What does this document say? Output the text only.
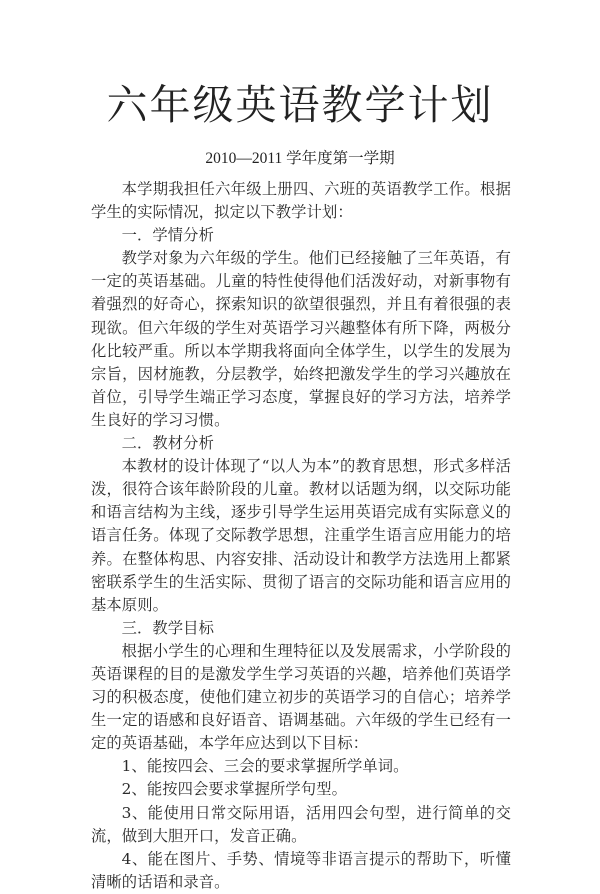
六年级英语教学计划
2010—2011 学年度第一学期

本学期我担任六年级上册四、六班的英语教学工作。根据学生的实际情况，拟定以下教学计划：

一．学情分析

教学对象为六年级的学生。他们已经接触了三年英语，有一定的英语基础。儿童的特性使得他们活泼好动，对新事物有着强烈的好奇心，探索知识的欲望很强烈，并且有着很强的表现欲。但六年级的学生对英语学习兴趣整体有所下降，两极分化比较严重。所以本学期我将面向全体学生，以学生的发展为宗旨，因材施教，分层教学，始终把激发学生的学习兴趣放在首位，引导学生端正学习态度，掌握良好的学习方法，培养学生良好的学习习惯。

二．教材分析

本教材的设计体现了“以人为本”的教育思想，形式多样活泼，很符合该年龄阶段的儿童。教材以话题为纲，以交际功能和语言结构为主线，逐步引导学生运用英语完成有实际意义的语言任务。体现了交际教学思想，注重学生语言应用能力的培养。在整体构思、内容安排、活动设计和教学方法选用上都紧密联系学生的生活实际、贯彻了语言的交际功能和语言应用的基本原则。

三．教学目标

根据小学生的心理和生理特征以及发展需求，小学阶段的英语课程的目的是激发学生学习英语的兴趣，培养他们英语学习的积极态度，使他们建立初步的英语学习的自信心；培养学生一定的语感和良好语音、语调基础。六年级的学生已经有一定的英语基础，本学年应达到以下目标：

1、能按四会、三会的要求掌握所学单词。

2、能按四会要求掌握所学句型。

3、能使用日常交际用语，活用四会句型，进行简单的交流，做到大胆开口，发音正确。

4、能在图片、手势、情境等非语言提示的帮助下，听懂清晰的话语和录音。
